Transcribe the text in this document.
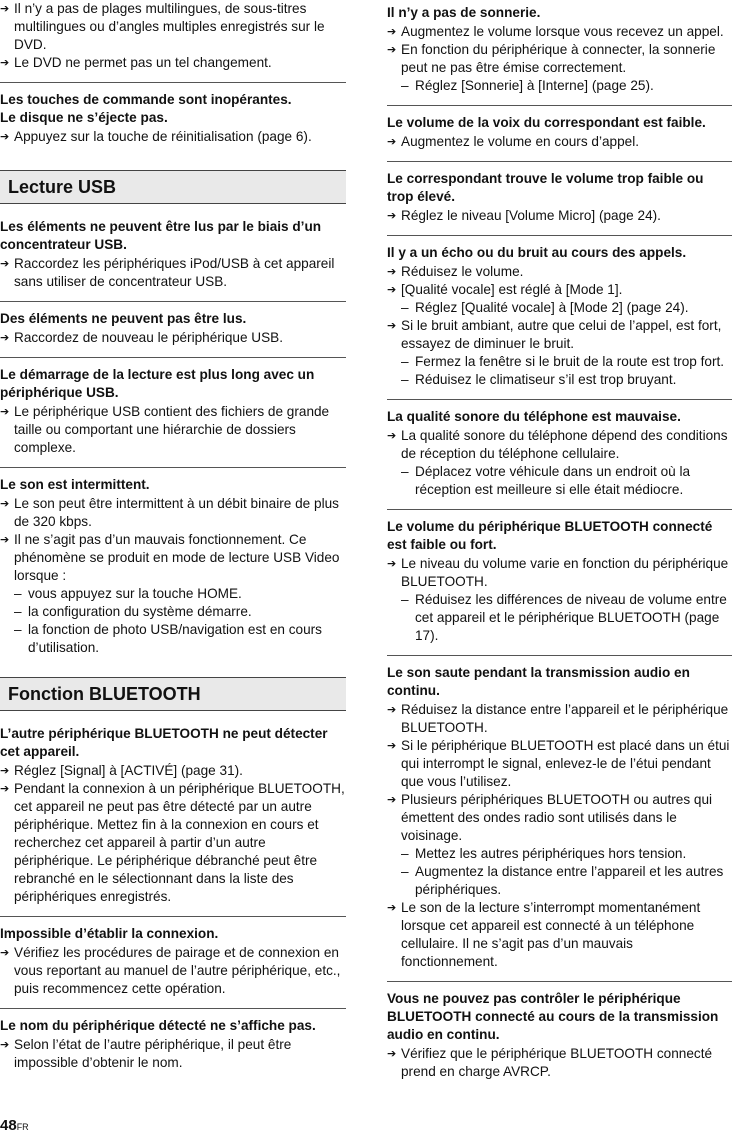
➔ Il n’y a pas de plages multilingues, de sous-titres multilingues ou d’angles multiples enregistrés sur le DVD.
➔ Le DVD ne permet pas un tel changement.
Les touches de commande sont inopérantes.
Le disque ne s’éjecte pas.
➔ Appuyez sur la touche de réinitialisation (page 6).
Lecture USB
Les éléments ne peuvent être lus par le biais d’un concentrateur USB.
➔ Raccordez les périphériques iPod/USB à cet appareil sans utiliser de concentrateur USB.
Des éléments ne peuvent pas être lus.
➔ Raccordez de nouveau le périphérique USB.
Le démarrage de la lecture est plus long avec un périphérique USB.
➔ Le périphérique USB contient des fichiers de grande taille ou comportant une hiérarchie de dossiers complexe.
Le son est intermittent.
➔ Le son peut être intermittent à un débit binaire de plus de 320 kbps.
➔ Il ne s’agit pas d’un mauvais fonctionnement. Ce phénomène se produit en mode de lecture USB Video lorsque :
– vous appuyez sur la touche HOME.
– la configuration du système démarre.
– la fonction de photo USB/navigation est en cours d’utilisation.
Fonction BLUETOOTH
L’autre périphérique BLUETOOTH ne peut détecter cet appareil.
➔ Réglez [Signal] à [ACTIVÉ] (page 31).
➔ Pendant la connexion à un périphérique BLUETOOTH, cet appareil ne peut pas être détecté par un autre périphérique. Mettez fin à la connexion en cours et recherchez cet appareil à partir d’un autre périphérique. Le périphérique débranché peut être rebranché en le sélectionnant dans la liste des périphériques enregistrés.
Impossible d’établir la connexion.
➔ Vérifiez les procédures de pairage et de connexion en vous reportant au manuel de l’autre périphérique, etc., puis recommencez cette opération.
Le nom du périphérique détecté ne s’affiche pas.
➔ Selon l’état de l’autre périphérique, il peut être impossible d’obtenir le nom.
Il n’y a pas de sonnerie.
➔ Augmentez le volume lorsque vous recevez un appel.
➔ En fonction du périphérique à connecter, la sonnerie peut ne pas être émise correctement.
– Réglez [Sonnerie] à [Interne] (page 25).
Le volume de la voix du correspondant est faible.
➔ Augmentez le volume en cours d’appel.
Le correspondant trouve le volume trop faible ou trop élevé.
➔ Réglez le niveau [Volume Micro] (page 24).
Il y a un écho ou du bruit au cours des appels.
➔ Réduisez le volume.
➔ [Qualité vocale] est réglé à [Mode 1].
– Réglez [Qualité vocale] à [Mode 2] (page 24).
➔ Si le bruit ambiant, autre que celui de l’appel, est fort, essayez de diminuer le bruit.
– Fermez la fenêtre si le bruit de la route est trop fort.
– Réduisez le climatiseur s’il est trop bruyant.
La qualité sonore du téléphone est mauvaise.
➔ La qualité sonore du téléphone dépend des conditions de réception du téléphone cellulaire.
– Déplacez votre véhicule dans un endroit où la réception est meilleure si elle était médiocre.
Le volume du périphérique BLUETOOTH connecté est faible ou fort.
➔ Le niveau du volume varie en fonction du périphérique BLUETOOTH.
– Réduisez les différences de niveau de volume entre cet appareil et le périphérique BLUETOOTH (page 17).
Le son saute pendant la transmission audio en continu.
➔ Réduisez la distance entre l’appareil et le périphérique BLUETOOTH.
➔ Si le périphérique BLUETOOTH est placé dans un étui qui interrompt le signal, enlevez-le de l’étui pendant que vous l’utilisez.
➔ Plusieurs périphériques BLUETOOTH ou autres qui émettent des ondes radio sont utilisés dans le voisinage.
– Mettez les autres périphériques hors tension.
– Augmentez la distance entre l’appareil et les autres périphériques.
➔ Le son de la lecture s’interrompt momentanément lorsque cet appareil est connecté à un téléphone cellulaire. Il ne s’agit pas d’un mauvais fonctionnement.
Vous ne pouvez pas contrôler le périphérique BLUETOOTH connecté au cours de la transmission audio en continu.
➔ Vérifiez que le périphérique BLUETOOTH connecté prend en charge AVRCP.
48FR
